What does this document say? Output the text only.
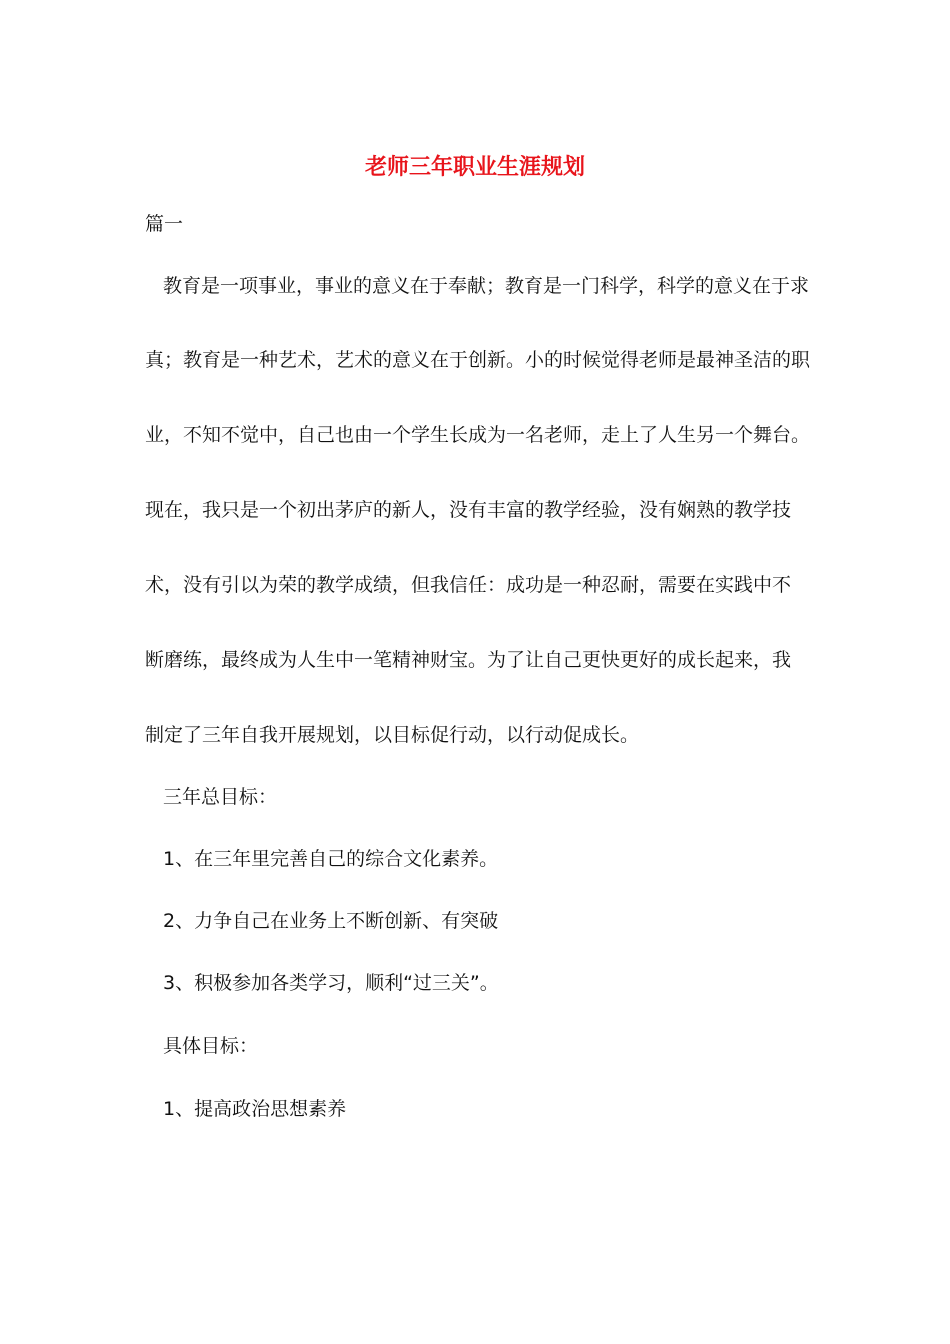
老师三年职业生涯规划
篇一
教育是一项事业，事业的意义在于奉献；教育是一门科学，科学的意义在于求
真；教育是一种艺术，艺术的意义在于创新。小的时候觉得老师是最神圣洁的职
业，不知不觉中，自己也由一个学生长成为一名老师，走上了人生另一个舞台。
现在，我只是一个初出茅庐的新人，没有丰富的教学经验，没有娴熟的教学技
术，没有引以为荣的教学成绩，但我信任：成功是一种忍耐，需要在实践中不
断磨练，最终成为人生中一笔精神财宝。为了让自己更快更好的成长起来，我
制定了三年自我开展规划，以目标促行动，以行动促成长。
三年总目标：
1、在三年里完善自己的综合文化素养。
2、力争自己在业务上不断创新、有突破
3、积极参加各类学习，顺利“过三关”。
具体目标：
1、提高政治思想素养
